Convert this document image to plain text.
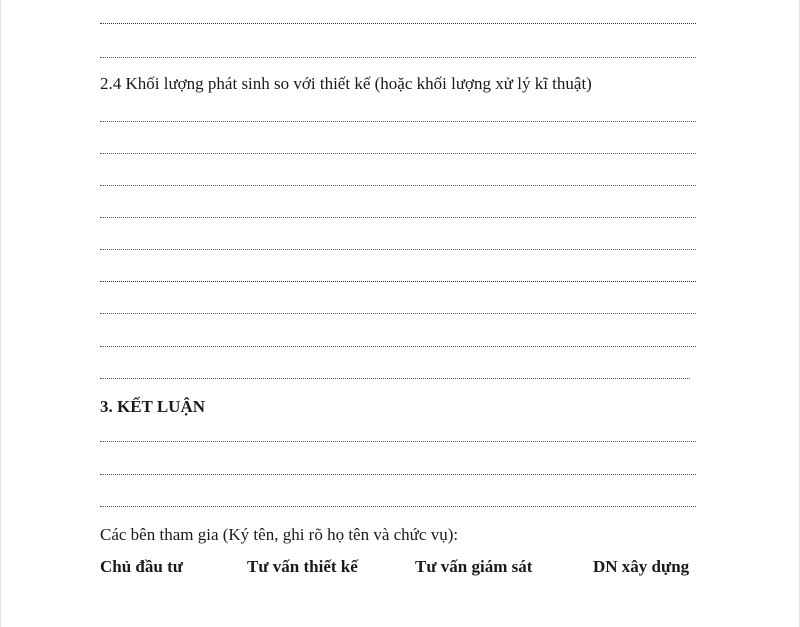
2.4 Khối lượng phát sinh so với thiết kế (hoặc khối lượng xử lý kĩ thuật)
3. KẾT LUẬN
Các bên tham gia (Ký tên, ghi rõ họ tên và chức vụ):
Chủ đầu tư	Tư vấn thiết kế	Tư vấn giám sát	DN xây dựng
